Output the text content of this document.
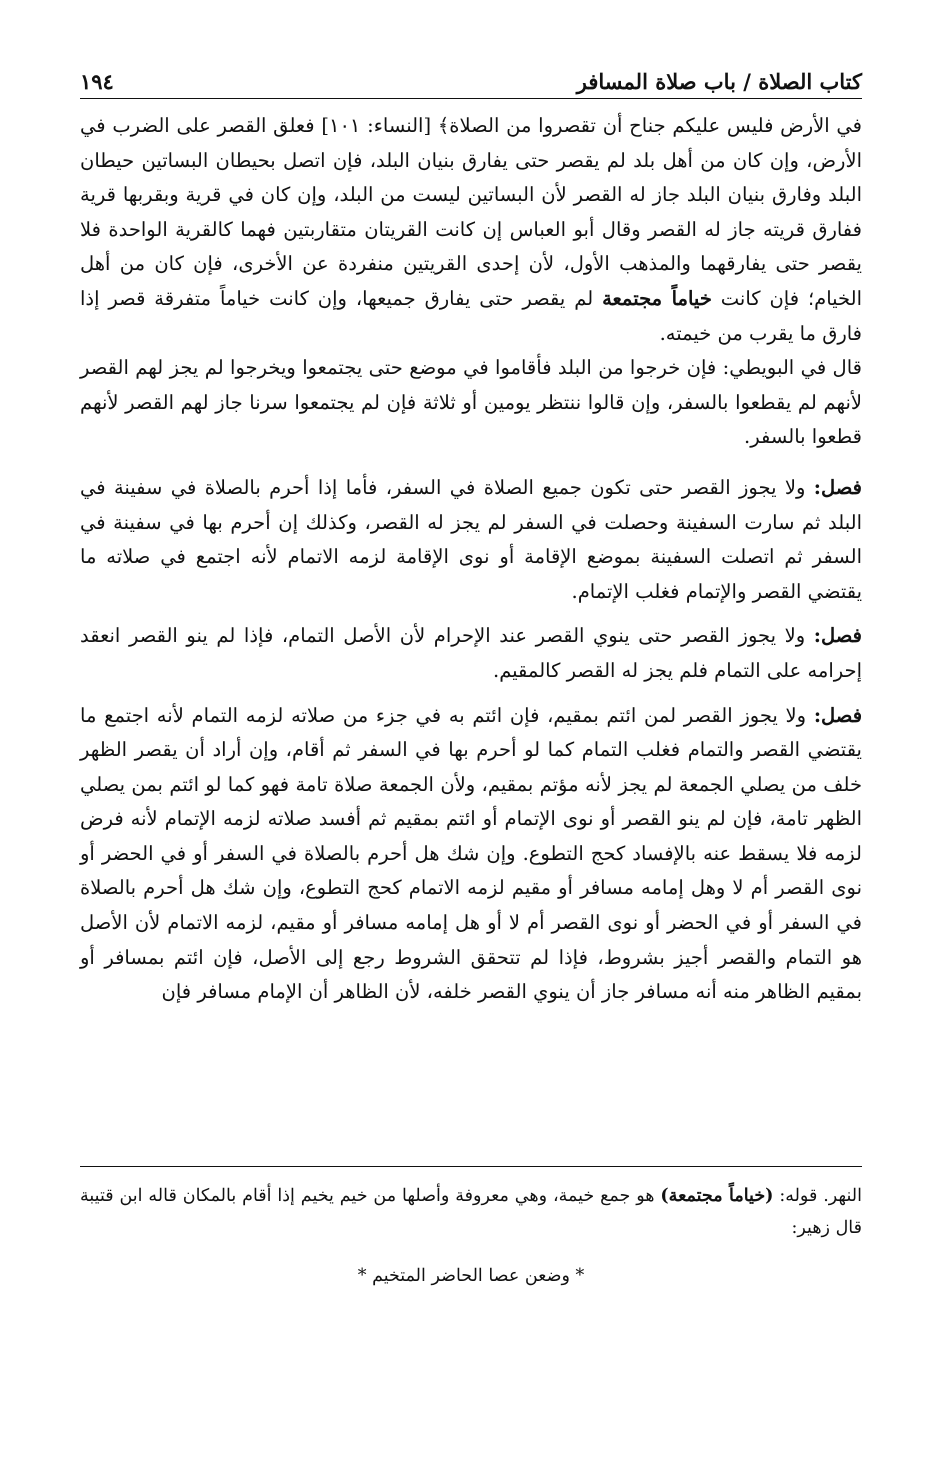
كتاب الصلاة / باب صلاة المسافر
١٩٤

في الأرض فليس عليكم جناح أن تقصروا من الصلاة﴾ [النساء: ١٠١] فعلق القصر على الضرب في الأرض، وإن كان من أهل بلد لم يقصر حتى يفارق بنيان البلد، فإن اتصل بحيطان البساتين حيطان البلد وفارق بنيان البلد جاز له القصر لأن البساتين ليست من البلد، وإن كان في قرية وبقربها قرية ففارق قريته جاز له القصر وقال أبو العباس إن كانت القريتان متقاربتين فهما كالقرية الواحدة فلا يقصر حتى يفارقهما والمذهب الأول، لأن إحدى القريتين منفردة عن الأخرى، فإن كان من أهل الخيام؛ فإن كانت خياماً مجتمعة لم يقصر حتى يفارق جميعها، وإن كانت خياماً متفرقة قصر إذا فارق ما يقرب من خيمته.

قال في البويطي: فإن خرجوا من البلد فأقاموا في موضع حتى يجتمعوا ويخرجوا لم يجز لهم القصر لأنهم لم يقطعوا بالسفر، وإن قالوا ننتظر يومين أو ثلاثة فإن لم يجتمعوا سرنا جاز لهم القصر لأنهم قطعوا بالسفر.

فصل: ولا يجوز القصر حتى تكون جميع الصلاة في السفر، فأما إذا أحرم بالصلاة في سفينة في البلد ثم سارت السفينة وحصلت في السفر لم يجز له القصر، وكذلك إن أحرم بها في سفينة في السفر ثم اتصلت السفينة بموضع الإقامة أو نوى الإقامة لزمه الاتمام لأنه اجتمع في صلاته ما يقتضي القصر والإتمام فغلب الإتمام.

فصل: ولا يجوز القصر حتى ينوي القصر عند الإحرام لأن الأصل التمام، فإذا لم ينو القصر انعقد إحرامه على التمام فلم يجز له القصر كالمقيم.

فصل: ولا يجوز القصر لمن ائتم بمقيم، فإن ائتم به في جزء من صلاته لزمه التمام لأنه اجتمع ما يقتضي القصر والتمام فغلب التمام كما لو أحرم بها في السفر ثم أقام، وإن أراد أن يقصر الظهر خلف من يصلي الجمعة لم يجز لأنه مؤتم بمقيم، ولأن الجمعة صلاة تامة فهو كما لو ائتم بمن يصلي الظهر تامة، فإن لم ينو القصر أو نوى الإتمام أو ائتم بمقيم ثم أفسد صلاته لزمه الإتمام لأنه فرض لزمه فلا يسقط عنه بالإفساد كحج التطوع. وإن شك هل أحرم بالصلاة في السفر أو في الحضر أو نوى القصر أم لا وهل إمامه مسافر أو مقيم لزمه الاتمام كحج التطوع، وإن شك هل أحرم بالصلاة في السفر أو في الحضر أو نوى القصر أم لا أو هل إمامه مسافر أو مقيم، لزمه الاتمام لأن الأصل هو التمام والقصر أجيز بشروط، فإذا لم تتحقق الشروط رجع إلى الأصل، فإن ائتم بمسافر أو بمقيم الظاهر منه أنه مسافر جاز أن ينوي القصر خلفه، لأن الظاهر أن الإمام مسافر فإن

النهر. قوله: (خياماً مجتمعة) هو جمع خيمة، وهي معروفة وأصلها من خيم يخيم إذا أقام بالمكان قاله ابن قتيبة قال زهير:

* وضعن عصا الحاضر المتخيم *
